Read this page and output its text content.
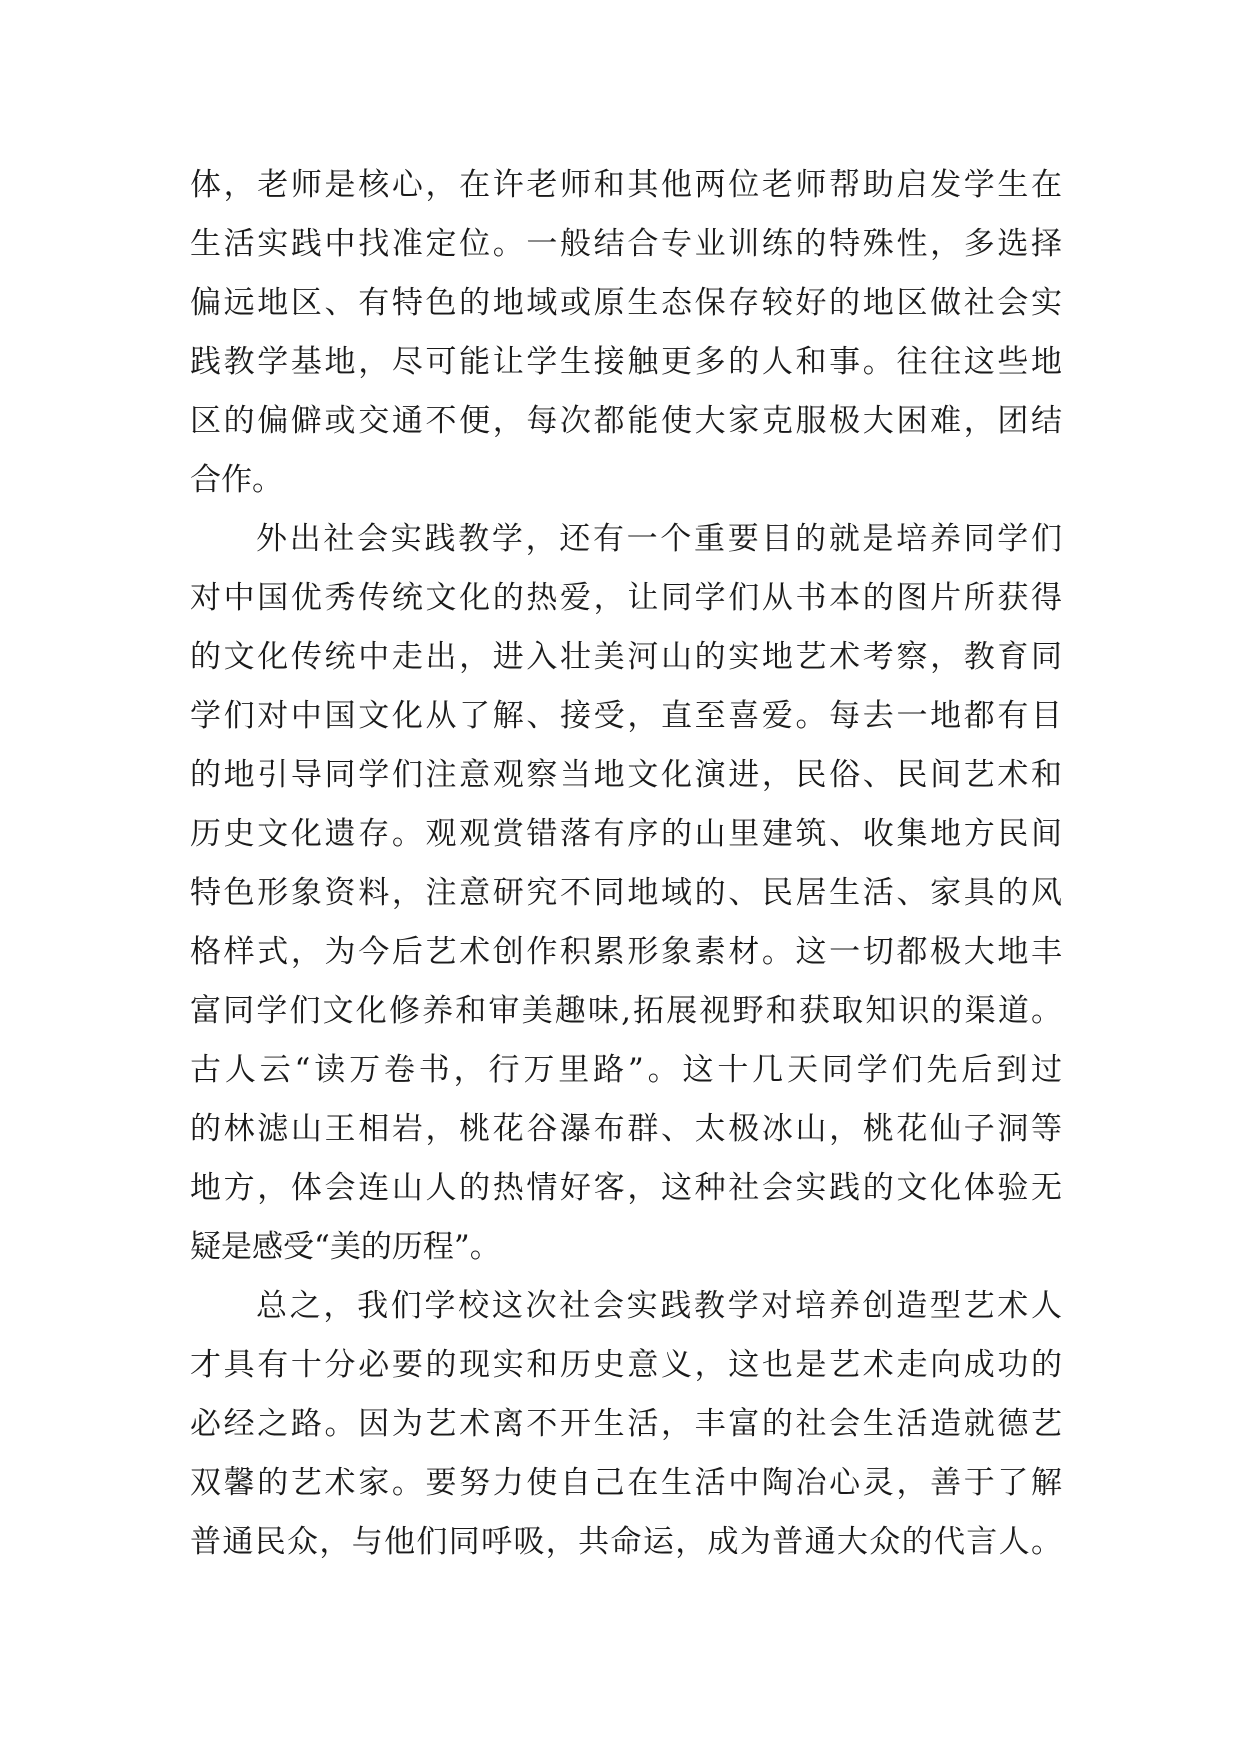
体，老师是核心，在许老师和其他两位老师帮助启发学生在
生活实践中找准定位。一般结合专业训练的特殊性，多选择
偏远地区、有特色的地域或原生态保存较好的地区做社会实
践教学基地，尽可能让学生接触更多的人和事。往往这些地
区的偏僻或交通不便，每次都能使大家克服极大困难，团结
合作。
外出社会实践教学，还有一个重要目的就是培养同学们
对中国优秀传统文化的热爱，让同学们从书本的图片所获得
的文化传统中走出，进入壮美河山的实地艺术考察，教育同
学们对中国文化从了解、接受，直至喜爱。每去一地都有目
的地引导同学们注意观察当地文化演进，民俗、民间艺术和
历史文化遗存。观观赏错落有序的山里建筑、收集地方民间
特色形象资料，注意研究不同地域的、民居生活、家具的风
格样式，为今后艺术创作积累形象素材。这一切都极大地丰
富同学们文化修养和审美趣味,拓展视野和获取知识的渠道。
古人云“读万卷书，行万里路”。这十几天同学们先后到过
的林滤山王相岩，桃花谷瀑布群、太极冰山，桃花仙子洞等
地方，体会连山人的热情好客，这种社会实践的文化体验无
疑是感受“美的历程”。
总之，我们学校这次社会实践教学对培养创造型艺术人
才具有十分必要的现实和历史意义，这也是艺术走向成功的
必经之路。因为艺术离不开生活，丰富的社会生活造就德艺
双馨的艺术家。要努力使自己在生活中陶冶心灵，善于了解
普通民众，与他们同呼吸，共命运，成为普通大众的代言人。
